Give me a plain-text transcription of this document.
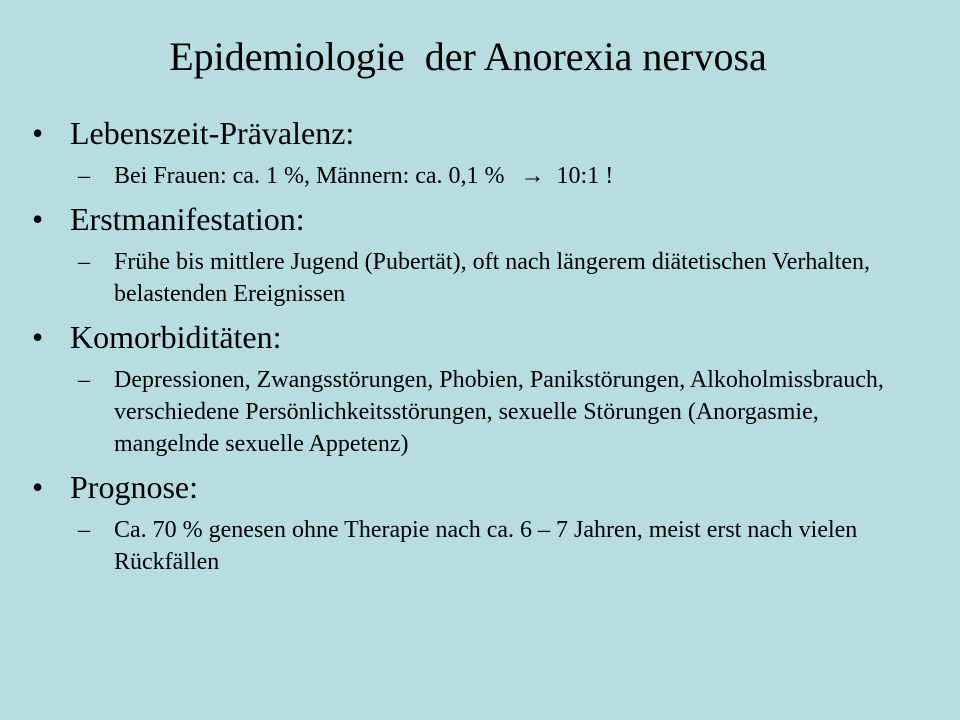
Epidemiologie  der Anorexia nervosa
• Lebenszeit-Prävalenz:
– Bei Frauen: ca. 1 %, Männern: ca. 0,1 % → 10:1 !
• Erstmanifestation:
– Frühe bis mittlere Jugend (Pubertät), oft nach längerem diätetischen Verhalten, belastenden Ereignissen
• Komorbiditäten:
– Depressionen, Zwangsstörungen, Phobien, Panikstörungen, Alkoholmissbrauch, verschiedene Persönlichkeitsstörungen, sexuelle Störungen (Anorgasmie, mangelnde sexuelle Appetenz)
• Prognose:
– Ca. 70 % genesen ohne Therapie nach ca. 6 – 7 Jahren, meist erst nach vielen Rückfällen
